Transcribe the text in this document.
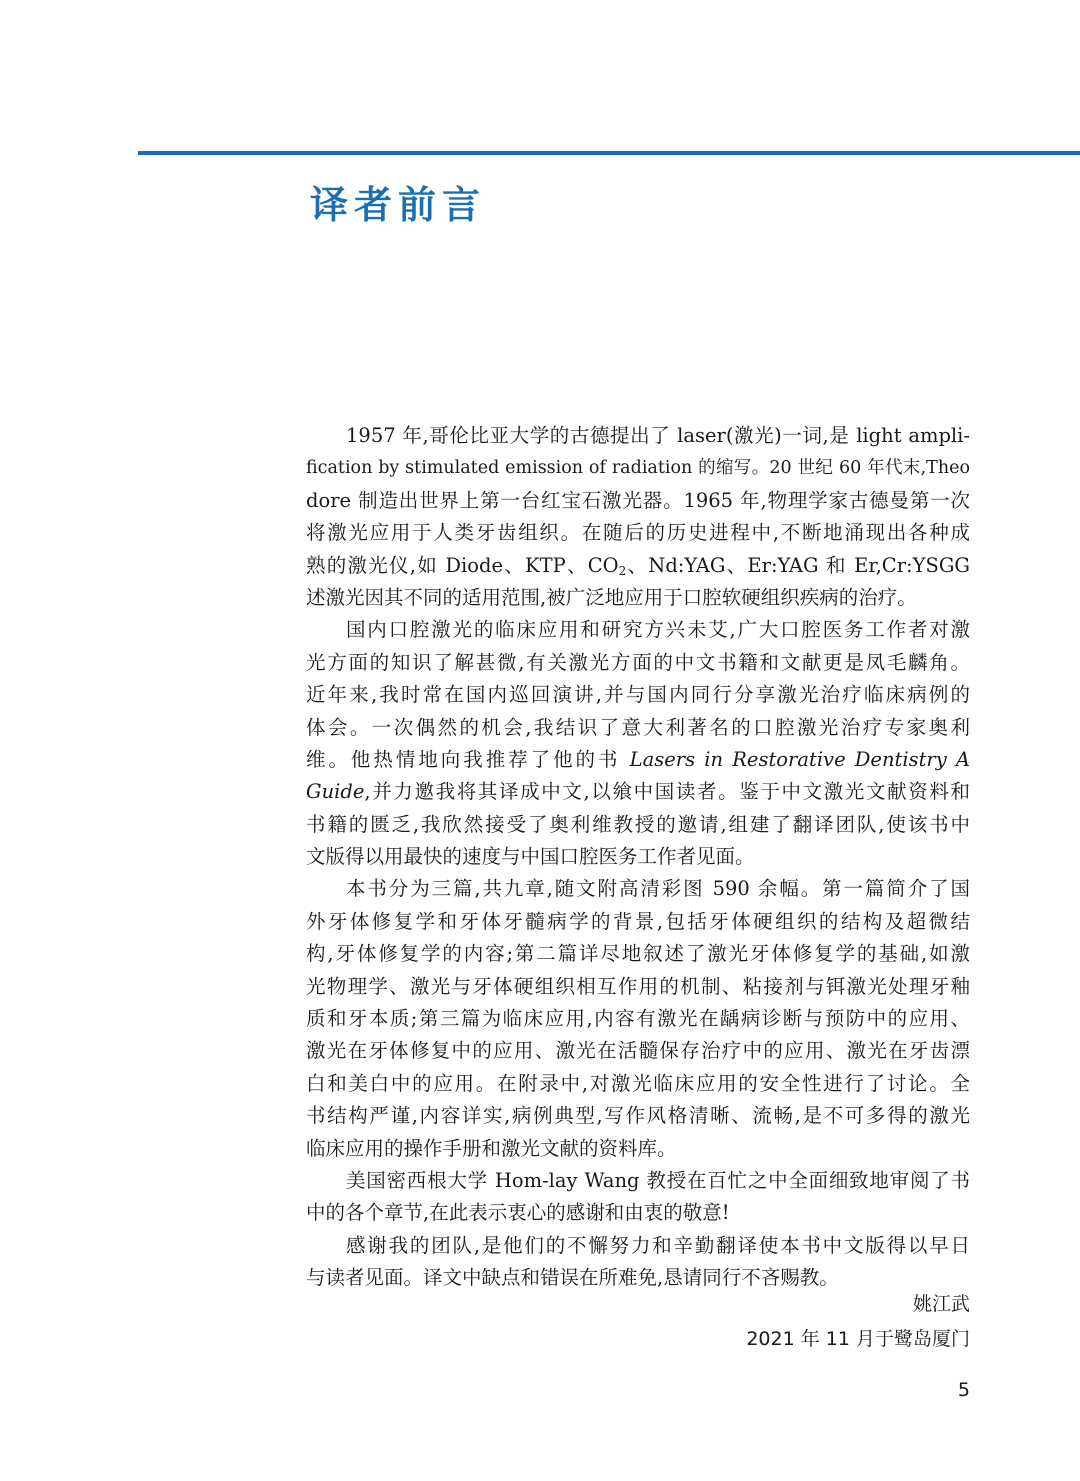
译者前言
1957 年,哥伦比亚大学的古德提出了 laser(激光)一词,是 light ampli-
fication by stimulated emission of radiation 的缩写。20 世纪 60 年代末,Theo
dore 制造出世界上第一台红宝石激光器。1965 年,物理学家古德曼第一次
将激光应用于人类牙齿组织。在随后的历史进程中,不断地涌现出各种成
熟的激光仪,如 Diode、KTP、$CO_2$、Nd:YAG、Er:YAG 和 Er,Cr:YSGG
述激光因其不同的适用范围,被广泛地应用于口腔软硬组织疾病的治疗。
国内口腔激光的临床应用和研究方兴未艾,广大口腔医务工作者对激
光方面的知识了解甚微,有关激光方面的中文书籍和文献更是凤毛麟角。
近年来,我时常在国内巡回演讲,并与国内同行分享激光治疗临床病例的
体会。一次偶然的机会,我结识了意大利著名的口腔激光治疗专家奥利
维。他热情地向我推荐了他的书 Lasers in Restorative Dentistry A
Guide,并力邀我将其译成中文,以飨中国读者。鉴于中文激光文献资料和
书籍的匮乏,我欣然接受了奥利维教授的邀请,组建了翻译团队,使该书中
文版得以用最快的速度与中国口腔医务工作者见面。
本书分为三篇,共九章,随文附高清彩图 590 余幅。第一篇简介了国
外牙体修复学和牙体牙髓病学的背景,包括牙体硬组织的结构及超微结
构,牙体修复学的内容;第二篇详尽地叙述了激光牙体修复学的基础,如激
光物理学、激光与牙体硬组织相互作用的机制、粘接剂与铒激光处理牙釉
质和牙本质;第三篇为临床应用,内容有激光在龋病诊断与预防中的应用、
激光在牙体修复中的应用、激光在活髓保存治疗中的应用、激光在牙齿漂
白和美白中的应用。在附录中,对激光临床应用的安全性进行了讨论。全
书结构严谨,内容详实,病例典型,写作风格清晰、流畅,是不可多得的激光
临床应用的操作手册和激光文献的资料库。
美国密西根大学 Hom-lay Wang 教授在百忙之中全面细致地审阅了书
中的各个章节,在此表示衷心的感谢和由衷的敬意!
感谢我的团队,是他们的不懈努力和辛勤翻译使本书中文版得以早日
与读者见面。译文中缺点和错误在所难免,恳请同行不吝赐教。
姚江武
2021 年 11 月于鹭岛厦门
5
